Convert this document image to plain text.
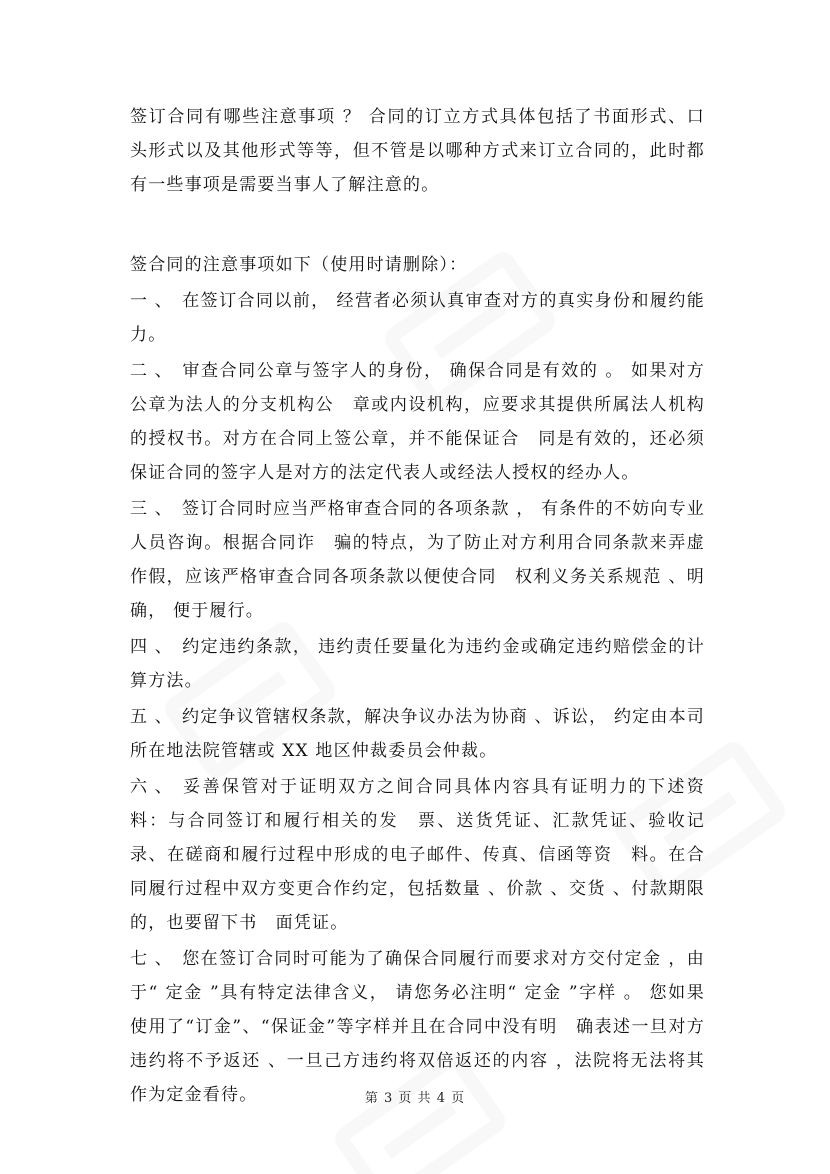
签订合同有哪些注意事项 ？ 合同的订立方式具体包括了书面形式、口头形式以及其他形式等等，但不管是以哪种方式来订立合同的，此时都有一些事项是需要当事人了解注意的。

签合同的注意事项如下（使用时请删除）：

一 、 在签订合同以前， 经营者必须认真审查对方的真实身份和履约能力。

二 、 审查合同公章与签字人的身份， 确保合同是有效的 。 如果对方公章为法人的分支机构公　章或内设机构，应要求其提供所属法人机构的授权书。对方在合同上签公章，并不能保证合　同是有效的，还必须保证合同的签字人是对方的法定代表人或经法人授权的经办人。

三 、 签订合同时应当严格审查合同的各项条款 ， 有条件的不妨向专业人员咨询。根据合同诈　骗的特点，为了防止对方利用合同条款来弄虚作假，应该严格审查合同各项条款以便使合同　权利义务关系规范 、明确， 便于履行。

四 、 约定违约条款， 违约责任要量化为违约金或确定违约赔偿金的计算方法。

五 、 约定争议管辖权条款，解决争议办法为协商 、诉讼， 约定由本司所在地法院管辖或 XX 地区仲裁委员会仲裁。

六 、 妥善保管对于证明双方之间合同具体内容具有证明力的下述资料：与合同签订和履行相关的发　票、送货凭证、汇款凭证、验收记录、在磋商和履行过程中形成的电子邮件、传真、信函等资　料。在合同履行过程中双方变更合作约定，包括数量 、价款 、交货 、付款期限的，也要留下书　面凭证。

七 、 您在签订合同时可能为了确保合同履行而要求对方交付定金 ，由于“ 定金 ”具有特定法律含义， 请您务必注明“ 定金 ”字样 。 您如果使用了“订金”、“保证金”等字样并且在合同中没有明　确表述一旦对方违约将不予返还 、一旦己方违约将双倍返还的内容 ，法院将无法将其作为定金看待。	第 3 页 共 4 页
